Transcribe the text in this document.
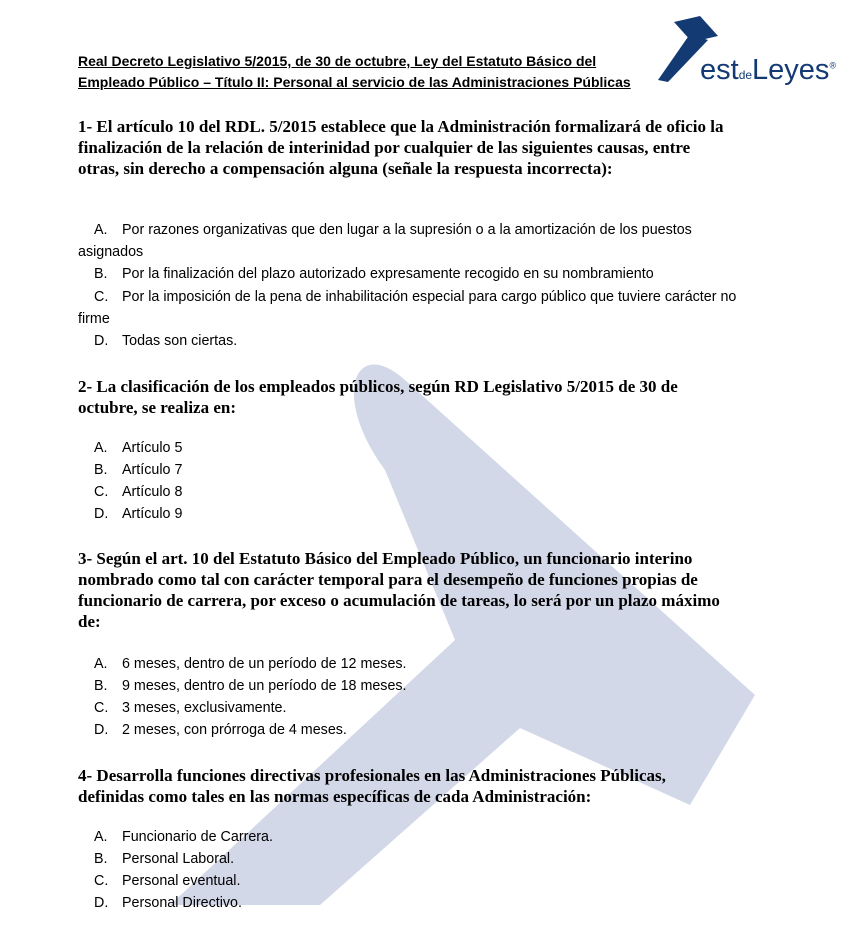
Real Decreto Legislativo 5/2015, de 30 de octubre, Ley del Estatuto Básico del
Empleado Público – Título II: Personal al servicio de las Administraciones Públicas	estdeLeyes®
1- El artículo 10 del RDL. 5/2015 establece que la Administración formalizará de oficio la finalización de la relación de interinidad por cualquier de las siguientes causas, entre otras, sin derecho a compensación alguna (señale la respuesta incorrecta):
A. Por razones organizativas que den lugar a la supresión o a la amortización de los puestos asignados
B. Por la finalización del plazo autorizado expresamente recogido en su nombramiento
C. Por la imposición de la pena de inhabilitación especial para cargo público que tuviere carácter no firme
D. Todas son ciertas.
2- La clasificación de los empleados públicos, según RD Legislativo 5/2015 de 30 de octubre, se realiza en:
A. Artículo 5
B. Artículo 7
C. Artículo 8
D. Artículo 9
3- Según el art. 10 del Estatuto Básico del Empleado Público, un funcionario interino nombrado como tal con carácter temporal para el desempeño de funciones propias de funcionario de carrera, por exceso o acumulación de tareas, lo será por un plazo máximo de:
A. 6 meses, dentro de un período de 12 meses.
B. 9 meses, dentro de un período de 18 meses.
C. 3 meses, exclusivamente.
D. 2 meses, con prórroga de 4 meses.
4- Desarrolla funciones directivas profesionales en las Administraciones Públicas, definidas como tales en las normas específicas de cada Administración:
A. Funcionario de Carrera.
B. Personal Laboral.
C. Personal eventual.
D. Personal Directivo.
